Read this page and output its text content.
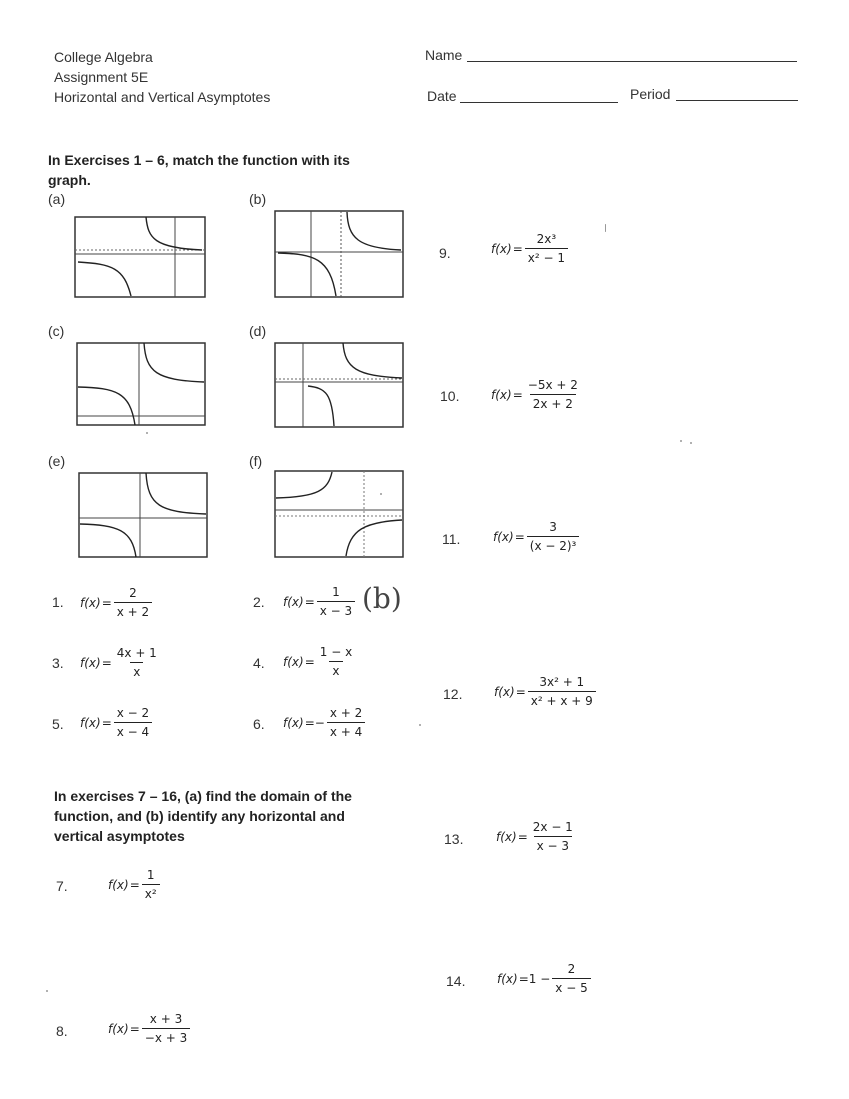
College Algebra
Assignment 5E
Horizontal and Vertical Asymptotes
Name
Date	Period
In Exercises 1 – 6, match the function with its graph.
(a)	(b)
(c)	(d)
(e)	(f)
1. $f(x) = \frac{2}{x + 2}$	2. $f(x) = \frac{1}{x - 3} (b)$
3. $f(x) = \frac{4x + 1}{x}$	4. $f(x) = \frac{1 - x}{x}$
5. $f(x) = \frac{x - 2}{x - 4}$	6. f(x) = − $\frac{x + 2}{x + 4}$
In exercises 7 – 16, (a) find the domain of the function, and (b) identify any horizontal and vertical asymptotes
7.	$f(x) = \frac{1}{\text{x²}}$
8.	$f(x) = \frac{x + 3}{-x + 3}$
9.	$f(x) = \frac{\text{2x³}}{\text{x² − 1}}$
10.	$f(x) = \frac{-5x + 2}{2x + 2}$
11.	$f(x) = \frac{3}{\text{(x − 2)³}}$
12.	$f(x) = \frac{\text{3x² + 1}}{\text{x² + x + 9}}$
13.	$f(x) = \frac{2x - 1}{x - 3}$
14.	$f(x) = 1 - \frac{2}{x - 5}$
